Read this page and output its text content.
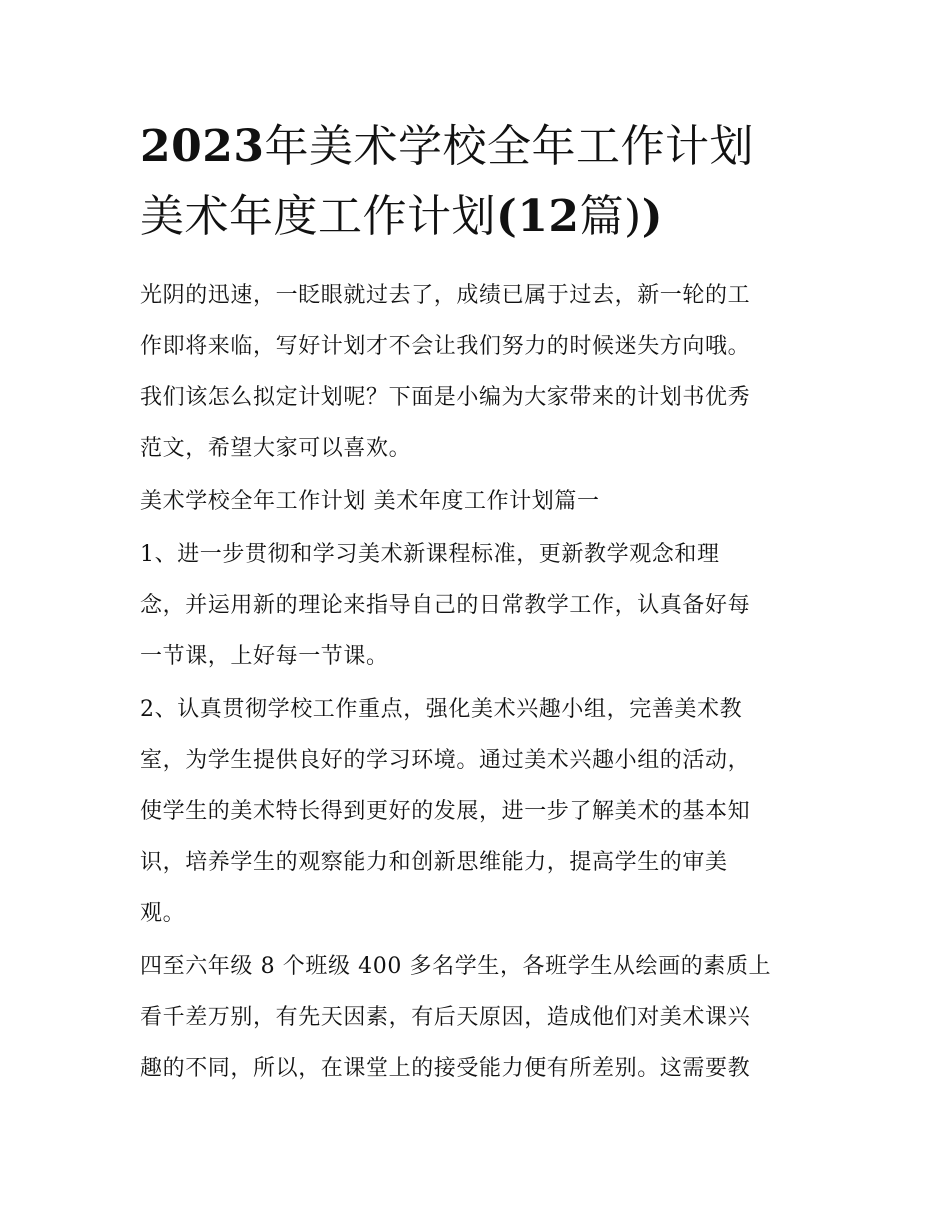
2023年美术学校全年工作计划
美术年度工作计划(12篇))

光阴的迅速，一眨眼就过去了，成绩已属于过去，新一轮的工
作即将来临，写好计划才不会让我们努力的时候迷失方向哦。
我们该怎么拟定计划呢？下面是小编为大家带来的计划书优秀
范文，希望大家可以喜欢。

美术学校全年工作计划 美术年度工作计划篇一

1、进一步贯彻和学习美术新课程标准，更新教学观念和理
念，并运用新的理论来指导自己的日常教学工作，认真备好每
一节课，上好每一节课。

2、认真贯彻学校工作重点，强化美术兴趣小组，完善美术教
室，为学生提供良好的学习环境。通过美术兴趣小组的活动，
使学生的美术特长得到更好的发展，进一步了解美术的基本知
识，培养学生的观察能力和创新思维能力，提高学生的审美
观。

四至六年级 8 个班级 400 多名学生，各班学生从绘画的素质上
看千差万别，有先天因素，有后天原因，造成他们对美术课兴
趣的不同，所以，在课堂上的接受能力便有所差别。这需要教
